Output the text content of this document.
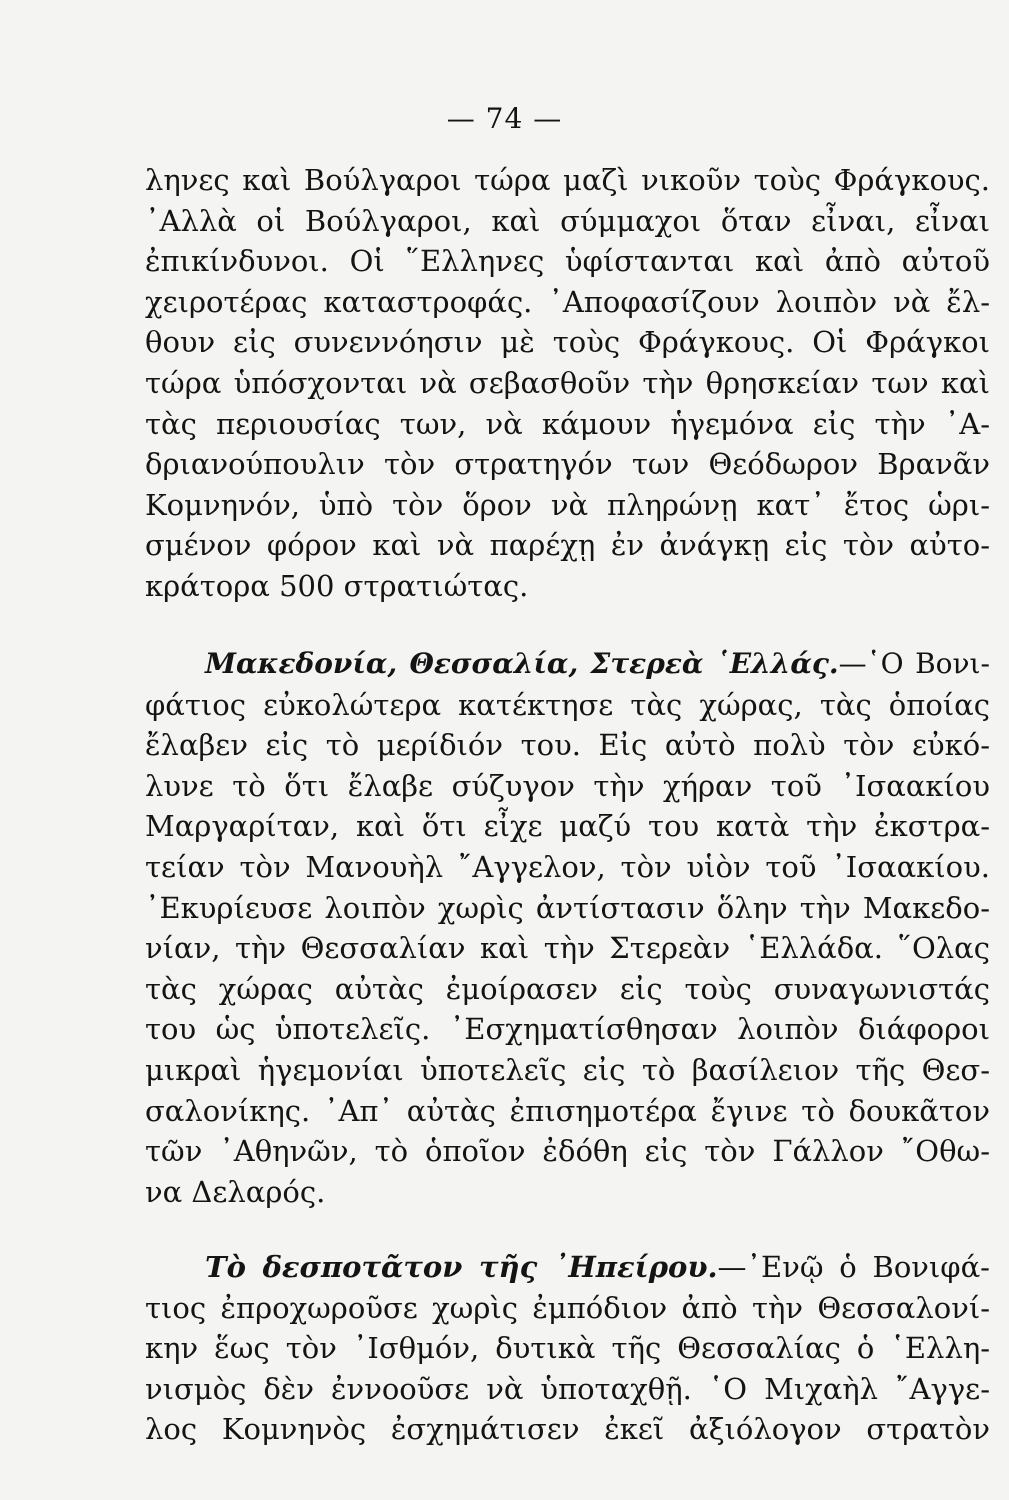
— 74 —
ληνες καὶ Βούλγαροι τώρα μαζὶ νικοῦν τοὺς Φράγκους.
᾿Αλλὰ οἱ Βούλγαροι, καὶ σύμμαχοι ὅταν εἶναι, εἶναι
ἐπικίνδυνοι. Οἱ ῞Ελληνες ὑφίστανται καὶ ἀπὸ αὐτοῦ
χειροτέρας καταστροφάς. ᾿Αποφασίζουν λοιπὸν νὰ ἔλ-
θουν εἰς συνεννόησιν μὲ τοὺς Φράγκους. Οἱ Φράγκοι
τώρα ὑπόσχονται νὰ σεβασθοῦν τὴν θρησκείαν των καὶ
τὰς περιουσίας των, νὰ κάμουν ἡγεμόνα εἰς τὴν ᾿Α-
δριανούπουλιν τὸν στρατηγόν των Θεόδωρον Βρανᾶν
Κομνηνόν, ὑπὸ τὸν ὅρον νὰ πληρώνῃ κατ᾿ ἔτος ὡρι-
σμένον φόρον καὶ νὰ παρέχῃ ἐν ἀνάγκῃ εἰς τὸν αὐτο-
κράτορα 500 στρατιώτας.
Μακεδονία, Θεσσαλία, Στερεὰ ῾Ελλάς.—῾Ο Βονι-
φάτιος εὐκολώτερα κατέκτησε τὰς χώρας, τὰς ὁποίας
ἔλαβεν εἰς τὸ μερίδιόν του. Εἰς αὐτὸ πολὺ τὸν εὐκό-
λυνε τὸ ὅτι ἔλαβε σύζυγον τὴν χήραν τοῦ ᾿Ισαακίου
Μαργαρίταν, καὶ ὅτι εἶχε μαζύ του κατὰ τὴν ἐκστρα-
τείαν τὸν Μανουὴλ ῎Αγγελον, τὸν υἱὸν τοῦ ᾿Ισαακίου.
᾿Εκυρίευσε λοιπὸν χωρὶς ἀντίστασιν ὅλην τὴν Μακεδο-
νίαν, τὴν Θεσσαλίαν καὶ τὴν Στερεὰν ῾Ελλάδα. ῞Ολας
τὰς χώρας αὐτὰς ἐμοίρασεν εἰς τοὺς συναγωνιστάς
του ὡς ὑποτελεῖς. ᾿Εσχηματίσθησαν λοιπὸν διάφοροι
μικραὶ ἡγεμονίαι ὑποτελεῖς εἰς τὸ βασίλειον τῆς Θεσ-
σαλονίκης. ᾿Απ᾿ αὐτὰς ἐπισημοτέρα ἔγινε τὸ δουκᾶτον
τῶν ᾿Αθηνῶν, τὸ ὁποῖον ἐδόθη εἰς τὸν Γάλλον ῎Οθω-
να Δελαρός.
Τὸ δεσποτᾶτον τῆς ᾿Ηπείρου.—᾿Ενῷ ὁ Βονιφά-
τιος ἐπροχωροῦσε χωρὶς ἐμπόδιον ἀπὸ τὴν Θεσσαλονί-
κην ἕως τὸν ᾿Ισθμόν, δυτικὰ τῆς Θεσσαλίας ὁ ῾Ελλη-
νισμὸς δὲν ἐννοοῦσε νὰ ὑποταχθῇ. ῾Ο Μιχαὴλ ῎Αγγε-
λος Κομνηνὸς ἐσχημάτισεν ἐκεῖ ἀξιόλογον στρατὸν
